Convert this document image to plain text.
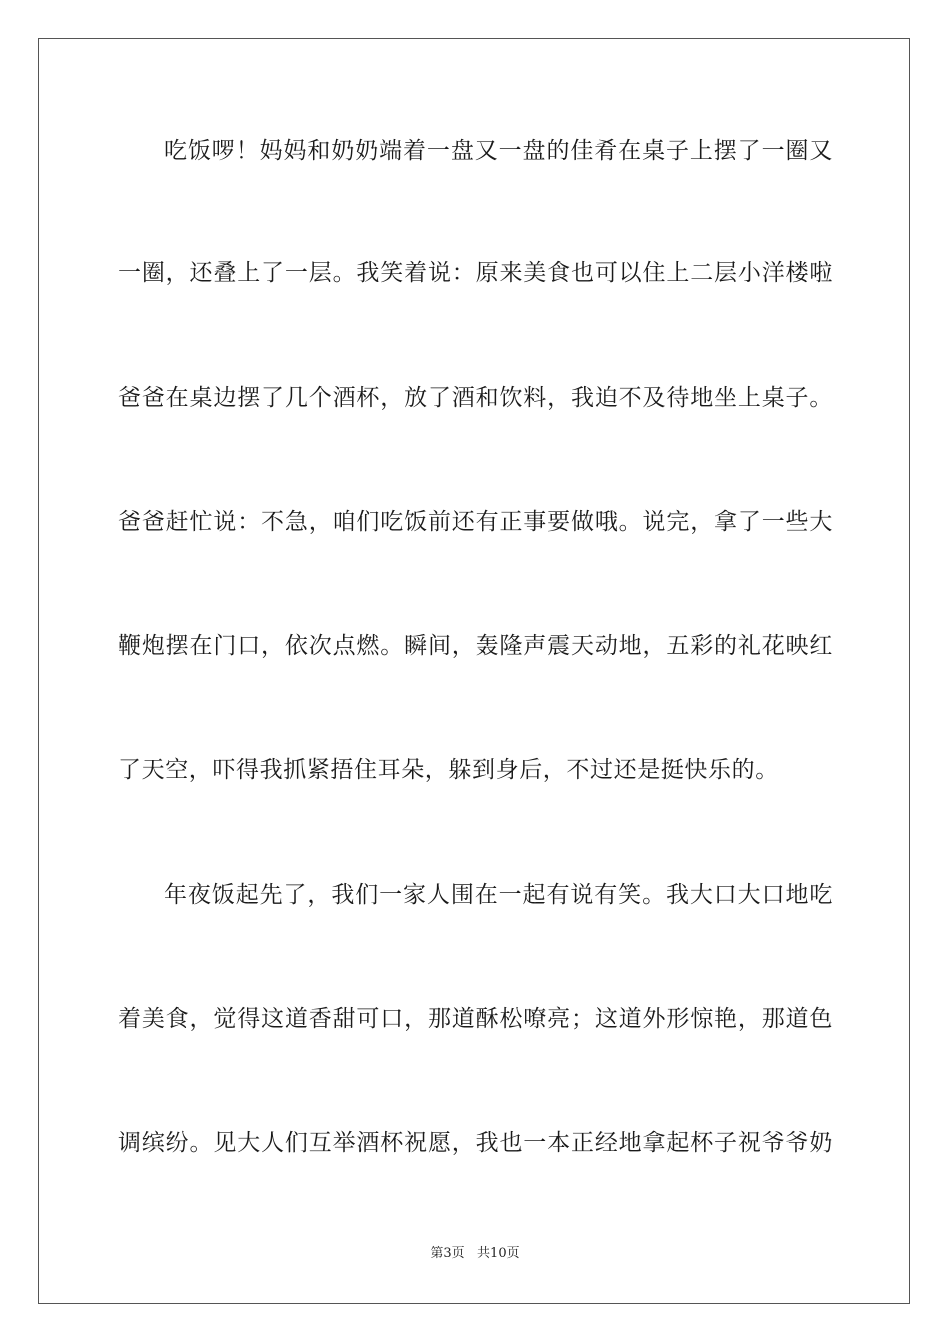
吃饭啰！妈妈和奶奶端着一盘又一盘的佳肴在桌子上摆了一圈又
一圈，还叠上了一层。我笑着说：原来美食也可以住上二层小洋楼啦
爸爸在桌边摆了几个酒杯，放了酒和饮料，我迫不及待地坐上桌子。
爸爸赶忙说：不急，咱们吃饭前还有正事要做哦。说完，拿了一些大
鞭炮摆在门口，依次点燃。瞬间，轰隆声震天动地，五彩的礼花映红
了天空，吓得我抓紧捂住耳朵，躲到身后，不过还是挺快乐的。
年夜饭起先了，我们一家人围在一起有说有笑。我大口大口地吃
着美食，觉得这道香甜可口，那道酥松嘹亮；这道外形惊艳，那道色
调缤纷。见大人们互举酒杯祝愿，我也一本正经地拿起杯子祝爷爷奶
第3页   共10页
